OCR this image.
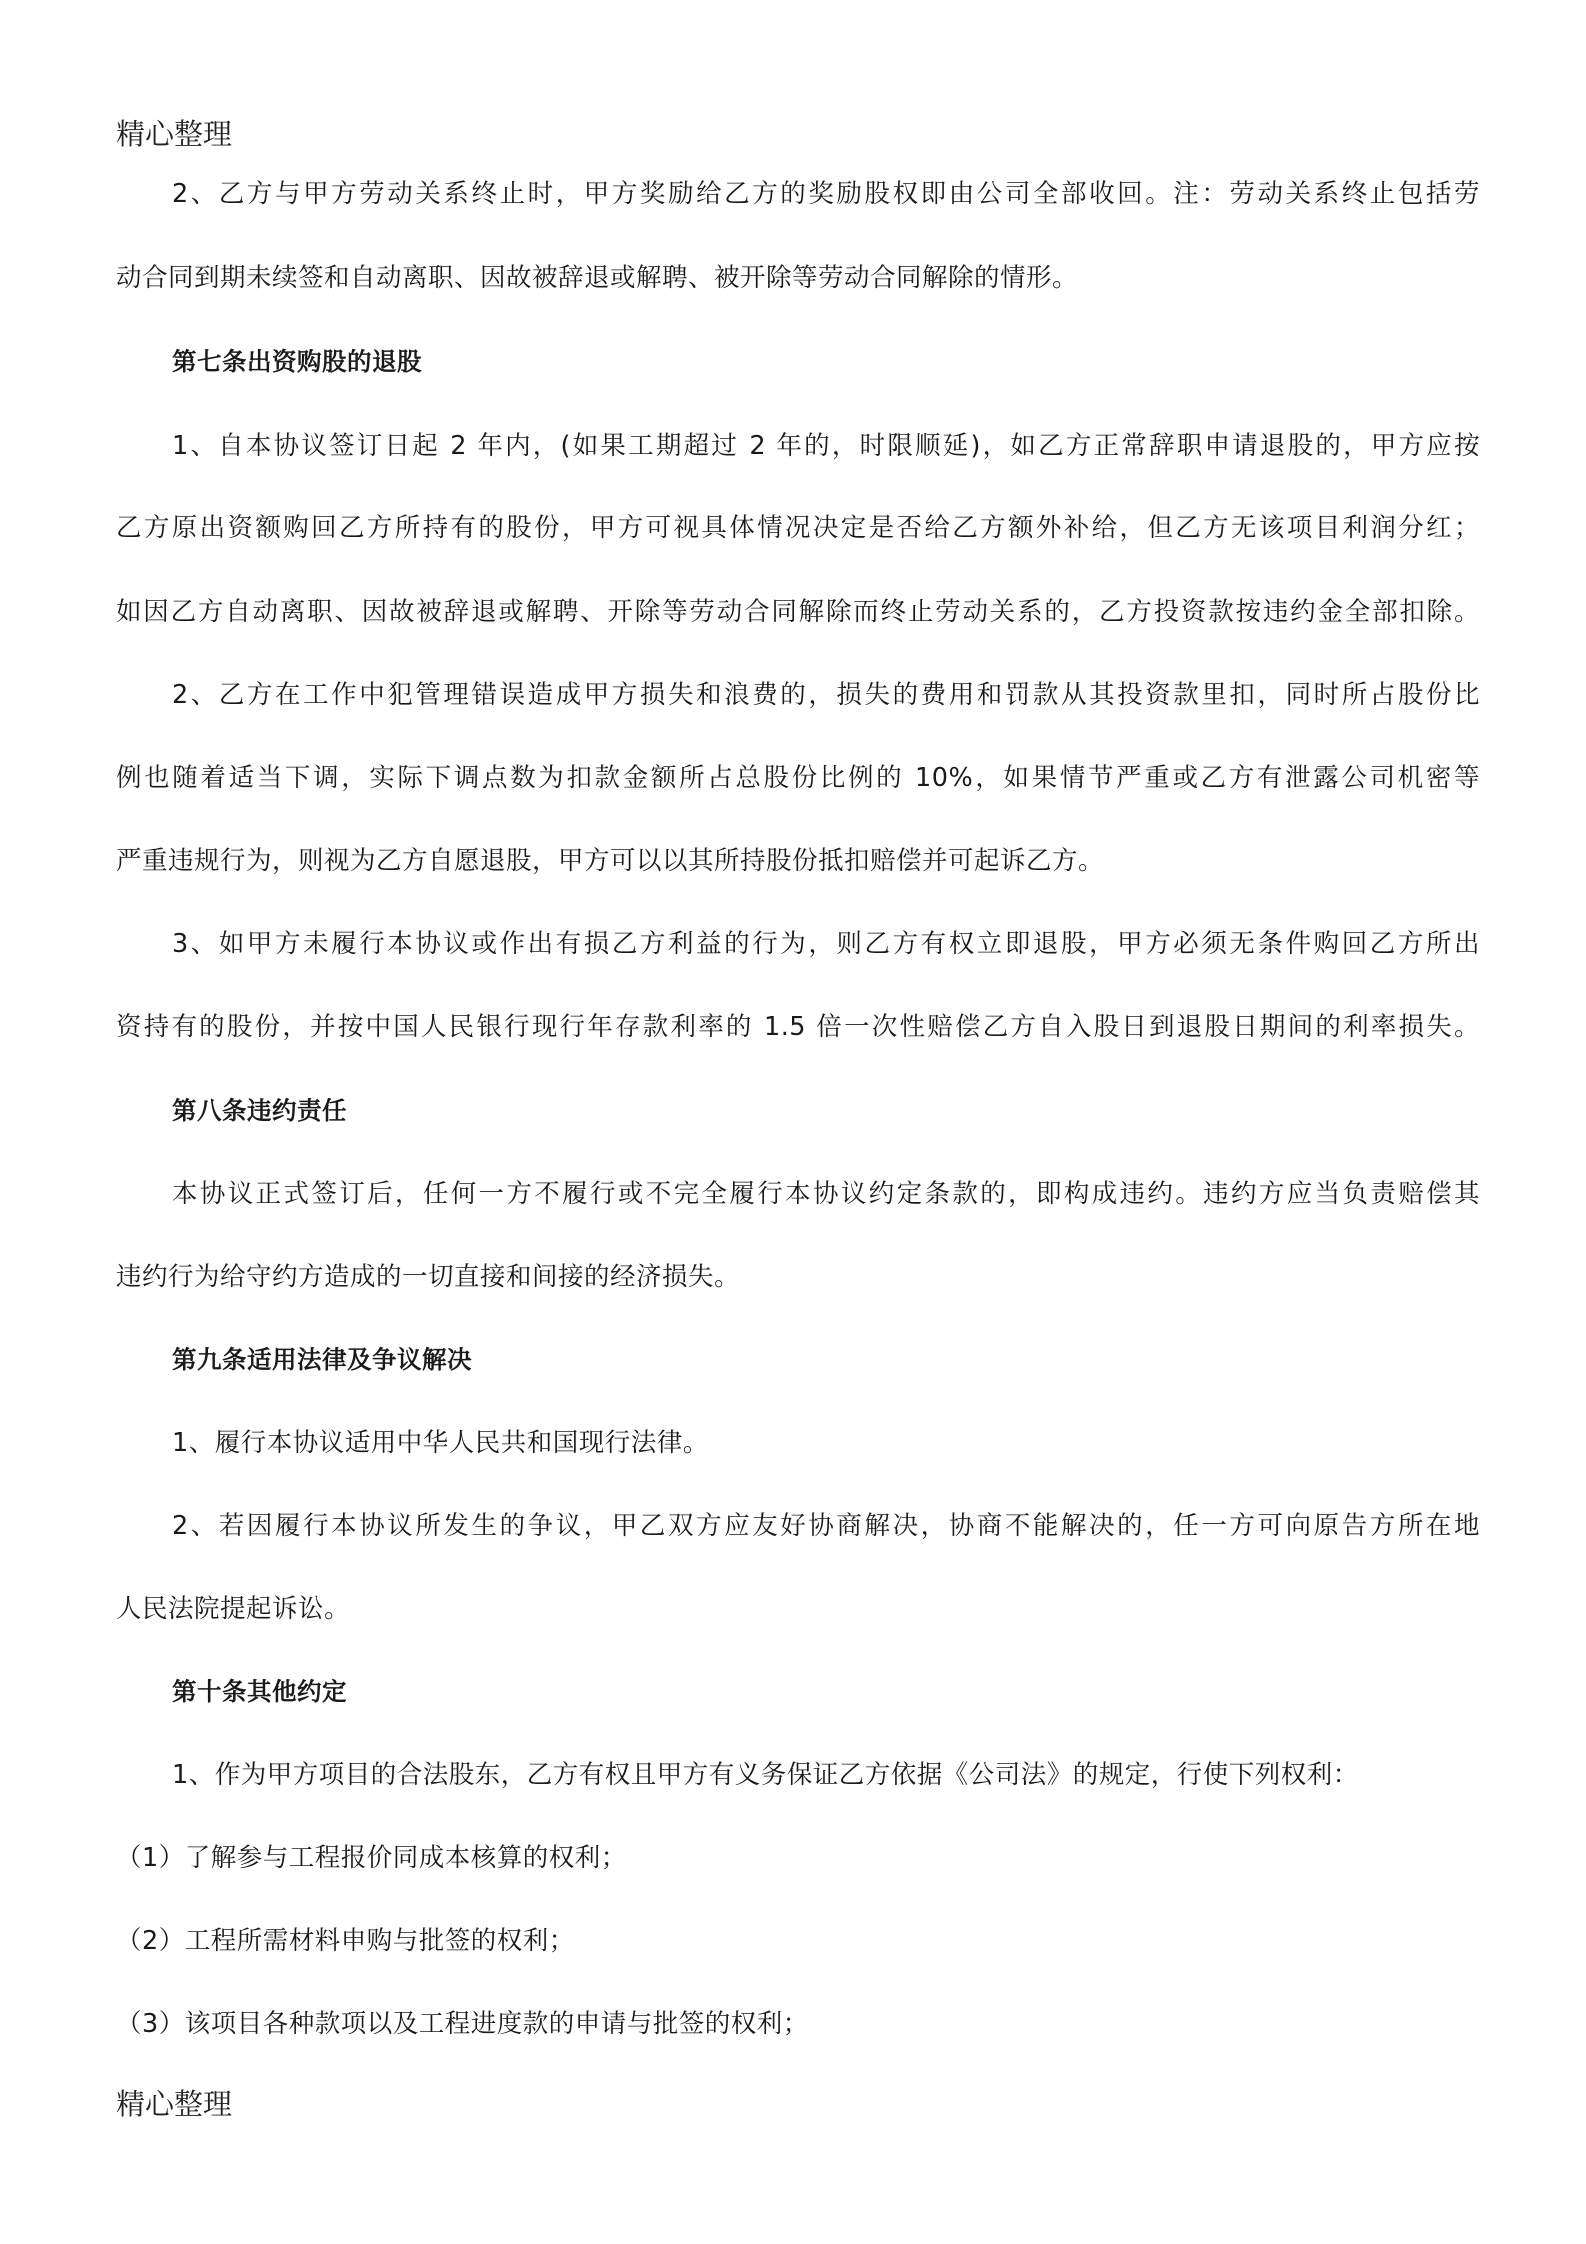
精心整理
2、乙方与甲方劳动关系终止时，甲方奖励给乙方的奖励股权即由公司全部收回。注：劳动关系终止包括劳
动合同到期未续签和自动离职、因故被辞退或解聘、被开除等劳动合同解除的情形。
第七条出资购股的退股
1、自本协议签订日起 2 年内，(如果工期超过 2 年的，时限顺延)，如乙方正常辞职申请退股的，甲方应按
乙方原出资额购回乙方所持有的股份，甲方可视具体情况决定是否给乙方额外补给，但乙方无该项目利润分红；
如因乙方自动离职、因故被辞退或解聘、开除等劳动合同解除而终止劳动关系的，乙方投资款按违约金全部扣除。
2、乙方在工作中犯管理错误造成甲方损失和浪费的，损失的费用和罚款从其投资款里扣，同时所占股份比
例也随着适当下调，实际下调点数为扣款金额所占总股份比例的 10%，如果情节严重或乙方有泄露公司机密等
严重违规行为，则视为乙方自愿退股，甲方可以以其所持股份抵扣赔偿并可起诉乙方。
3、如甲方未履行本协议或作出有损乙方利益的行为，则乙方有权立即退股，甲方必须无条件购回乙方所出
资持有的股份，并按中国人民银行现行年存款利率的 1.5 倍一次性赔偿乙方自入股日到退股日期间的利率损失。
第八条违约责任
本协议正式签订后，任何一方不履行或不完全履行本协议约定条款的，即构成违约。违约方应当负责赔偿其
违约行为给守约方造成的一切直接和间接的经济损失。
第九条适用法律及争议解决
1、履行本协议适用中华人民共和国现行法律。
2、若因履行本协议所发生的争议，甲乙双方应友好协商解决，协商不能解决的，任一方可向原告方所在地
人民法院提起诉讼。
第十条其他约定
1、作为甲方项目的合法股东，乙方有权且甲方有义务保证乙方依据《公司法》的规定，行使下列权利：
（1）了解参与工程报价同成本核算的权利；
（2）工程所需材料申购与批签的权利；
（3）该项目各种款项以及工程进度款的申请与批签的权利；
精心整理
